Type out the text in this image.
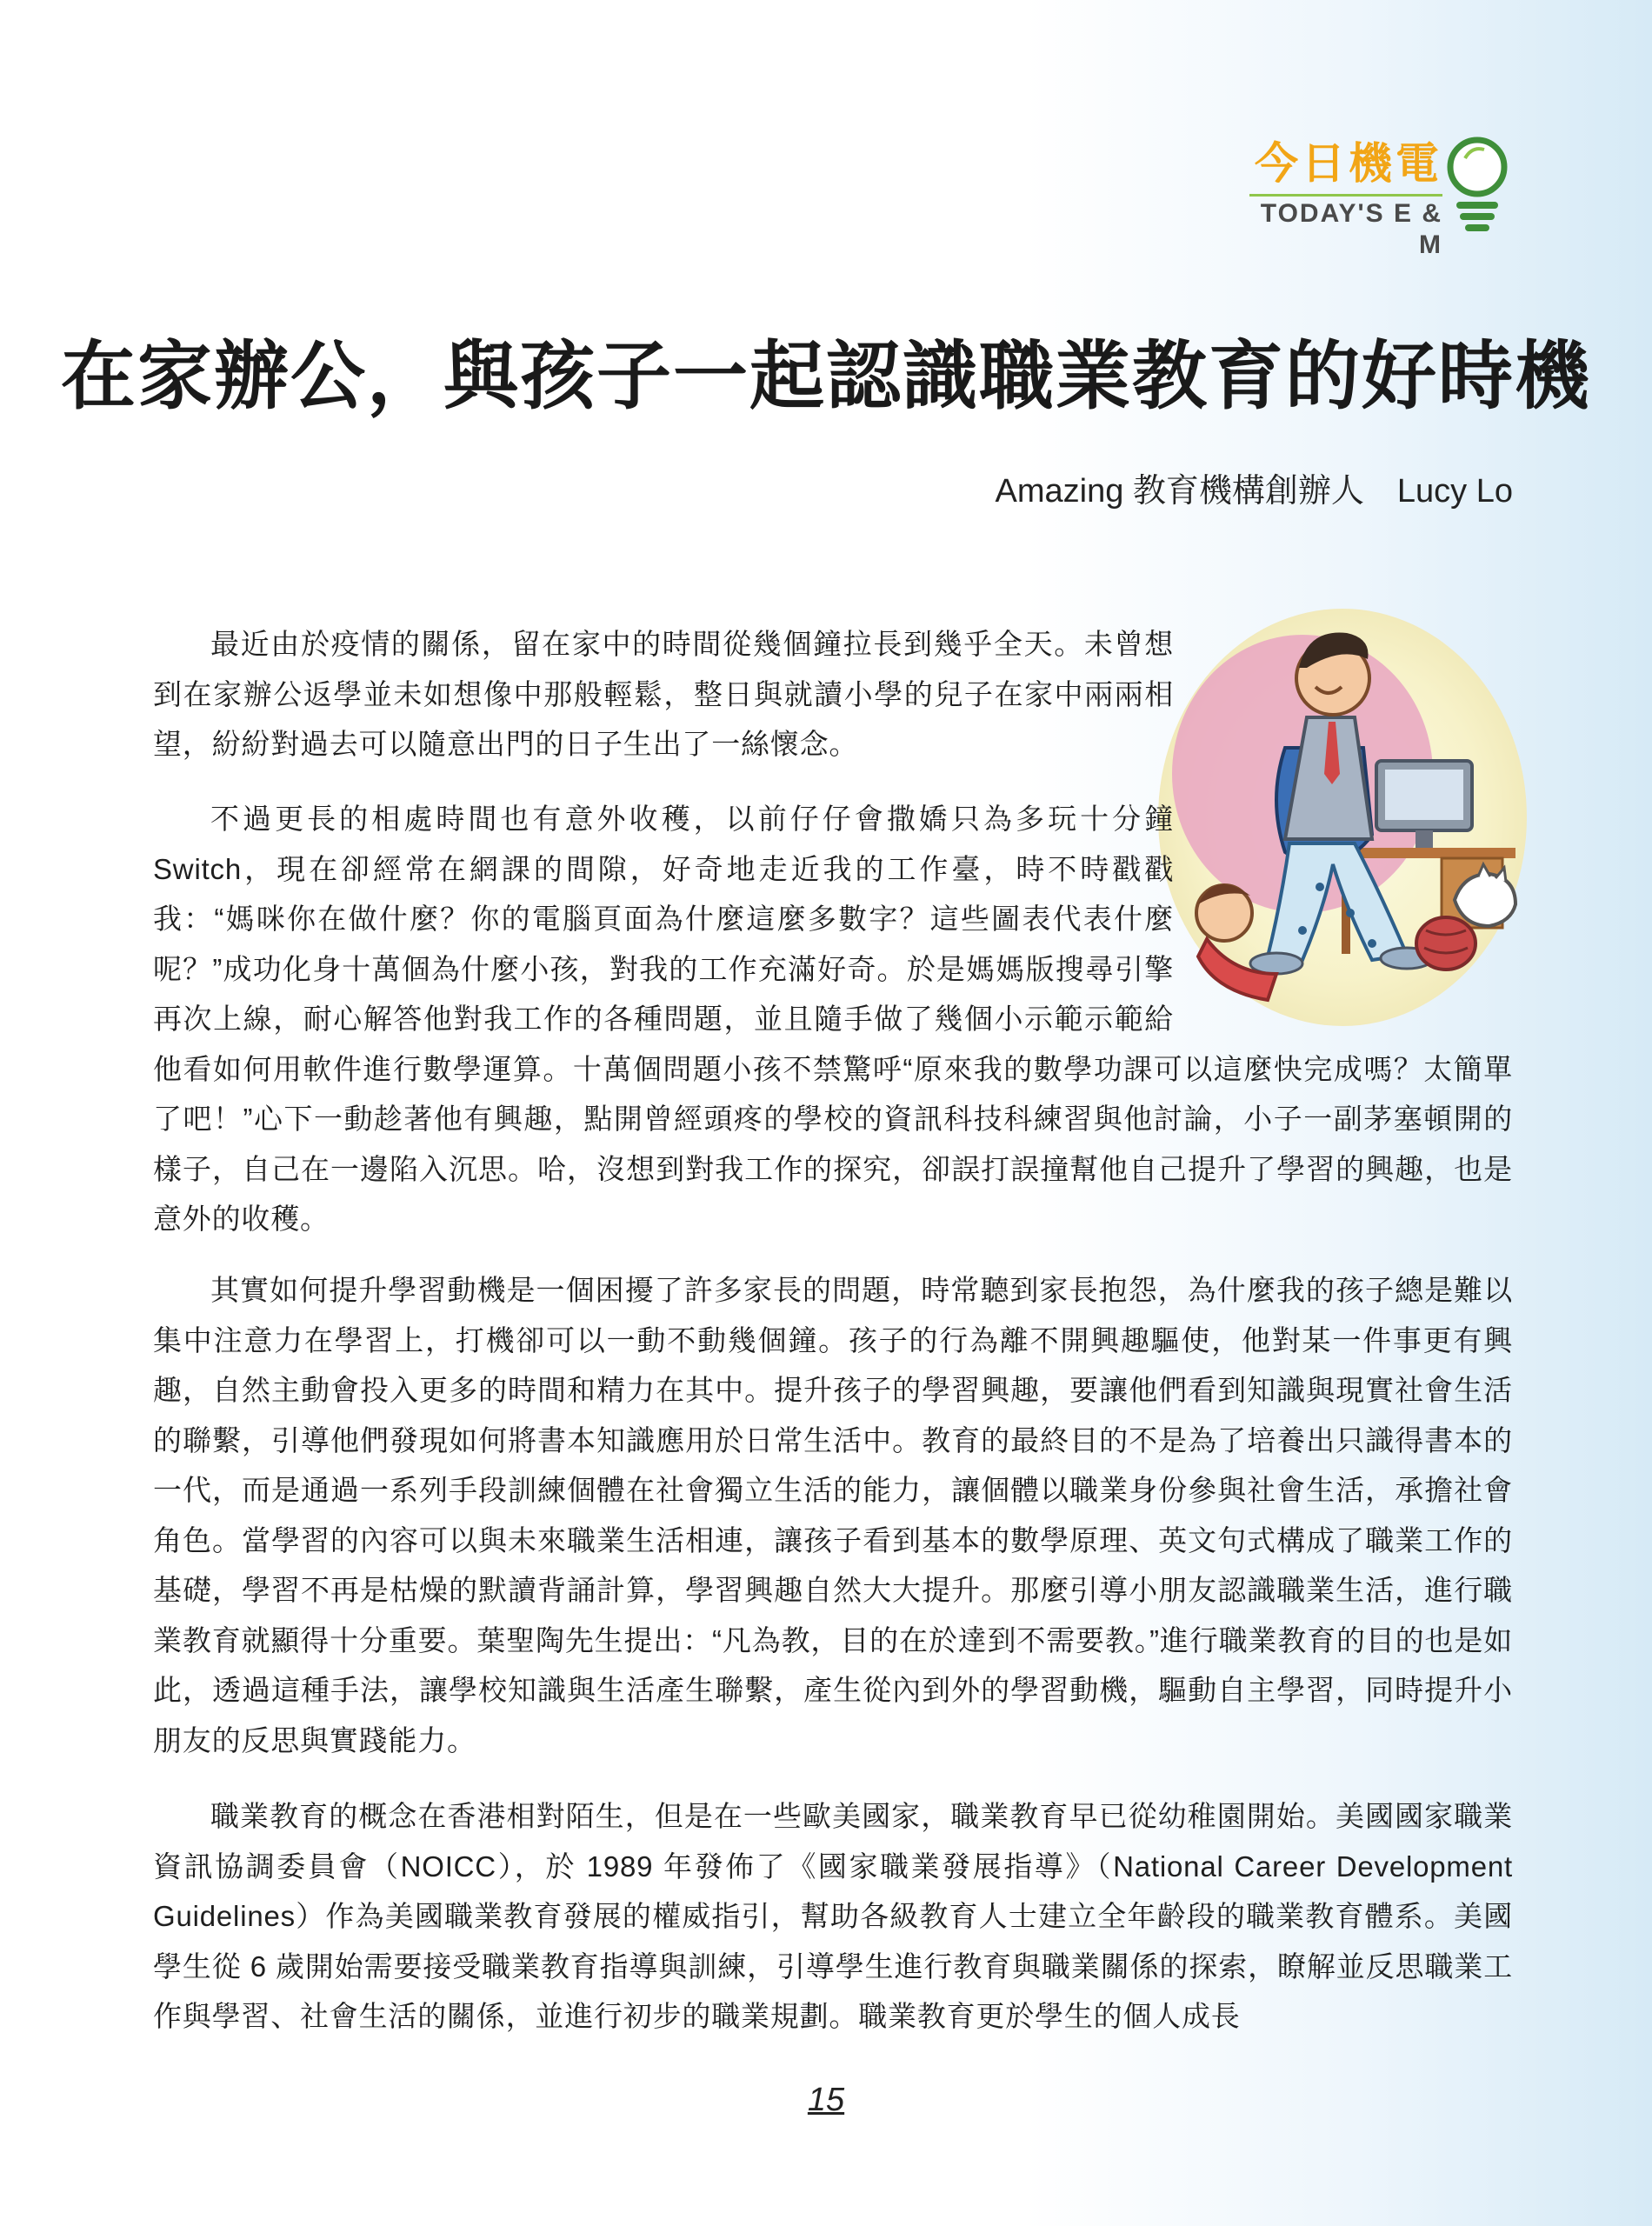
今日機電
TODAY'S E & M
在家辦公，與孩子一起認識職業教育的好時機
Amazing 教育機構創辦人　Lucy Lo

最近由於疫情的關係，留在家中的時間從幾個鐘拉長到幾乎全天。未曾想到在家辦公返學並未如想像中那般輕鬆，整日與就讀小學的兒子在家中兩兩相望，紛紛對過去可以隨意出門的日子生出了一絲懷念。

不過更長的相處時間也有意外收穫，以前仔仔會撒嬌只為多玩十分鐘Switch，現在卻經常在網課的間隙，好奇地走近我的工作臺，時不時戳戳我：“媽咪你在做什麼？你的電腦頁面為什麼這麼多數字？這些圖表代表什麼呢？”成功化身十萬個為什麼小孩，對我的工作充滿好奇。於是媽媽版搜尋引擎再次上線，耐心解答他對我工作的各種問題，並且隨手做了幾個小示範示範給他看如何用軟件進行數學運算。十萬個問題小孩不禁驚呼“原來我的數學功課可以這麼快完成嗎？太簡單了吧！”心下一動趁著他有興趣，點開曾經頭疼的學校的資訊科技科練習與他討論，小子一副茅塞頓開的樣子，自己在一邊陷入沉思。哈，沒想到對我工作的探究，卻誤打誤撞幫他自己提升了學習的興趣，也是意外的收穫。

其實如何提升學習動機是一個困擾了許多家長的問題，時常聽到家長抱怨，為什麼我的孩子總是難以集中注意力在學習上，打機卻可以一動不動幾個鐘。孩子的行為離不開興趣驅使，他對某一件事更有興趣，自然主動會投入更多的時間和精力在其中。提升孩子的學習興趣，要讓他們看到知識與現實社會生活的聯繫，引導他們發現如何將書本知識應用於日常生活中。教育的最終目的不是為了培養出只識得書本的一代，而是通過一系列手段訓練個體在社會獨立生活的能力，讓個體以職業身份參與社會生活，承擔社會角色。當學習的內容可以與未來職業生活相連，讓孩子看到基本的數學原理、英文句式構成了職業工作的基礎，學習不再是枯燥的默讀背誦計算，學習興趣自然大大提升。那麼引導小朋友認識職業生活，進行職業教育就顯得十分重要。葉聖陶先生提出：“凡為教，目的在於達到不需要教。”進行職業教育的目的也是如此，透過這種手法，讓學校知識與生活產生聯繫，產生從內到外的學習動機，驅動自主學習，同時提升小朋友的反思與實踐能力。

職業教育的概念在香港相對陌生，但是在一些歐美國家，職業教育早已從幼稚園開始。美國國家職業資訊協調委員會（NOICC），於 1989 年發佈了《國家職業發展指導》（National Career Development Guidelines）作為美國職業教育發展的權威指引，幫助各級教育人士建立全年齡段的職業教育體系。美國學生從 6 歲開始需要接受職業教育指導與訓練，引導學生進行教育與職業關係的探索，瞭解並反思職業工作與學習、社會生活的關係，並進行初步的職業規劃。職業教育更於學生的個人成長

15
